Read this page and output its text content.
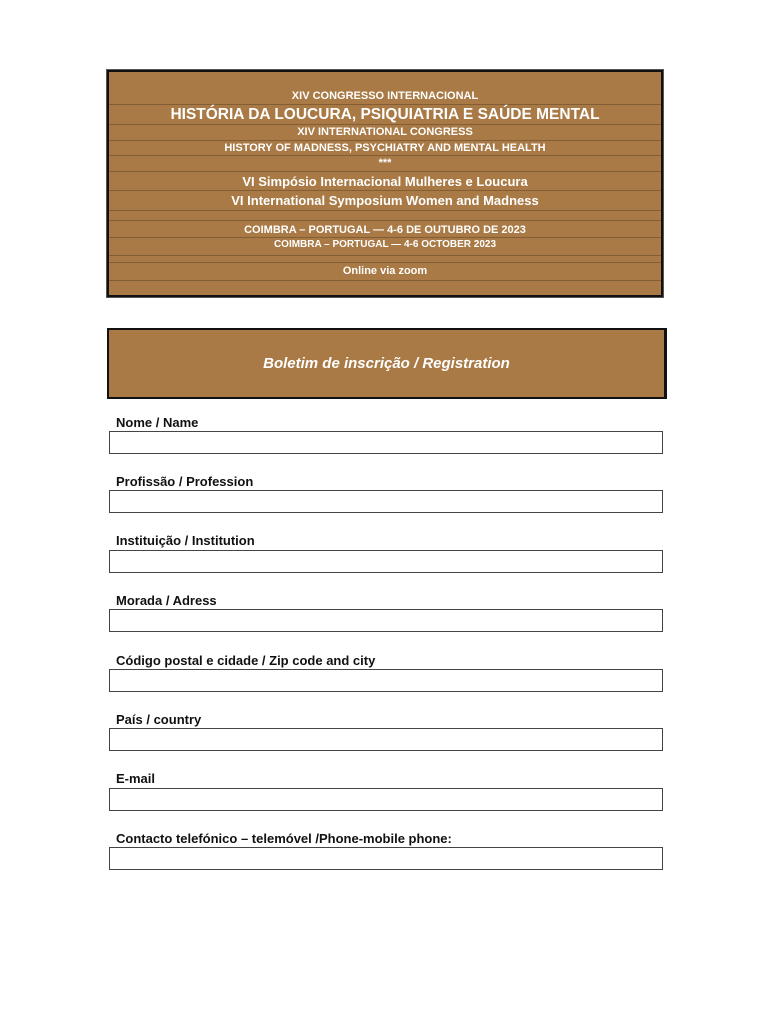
XIV CONGRESSO INTERNACIONAL
HISTÓRIA DA LOUCURA, PSIQUIATRIA E SAÚDE MENTAL
XIV INTERNATIONAL CONGRESS
HISTORY OF MADNESS, PSYCHIATRY AND MENTAL HEALTH
***
VI Simpósio Internacional Mulheres e Loucura
VI International Symposium Women and Madness
COIMBRA – PORTUGAL — 4-6 DE OUTUBRO DE 2023
COIMBRA – PORTUGAL — 4-6 OCTOBER 2023
Online via zoom
Boletim de inscrição / Registration
Nome / Name
Profissão / Profession
Instituição / Institution
Morada / Adress
Código postal e cidade / Zip code and city
País / country
E-mail
Contacto telefónico – telemóvel /Phone-mobile phone:
